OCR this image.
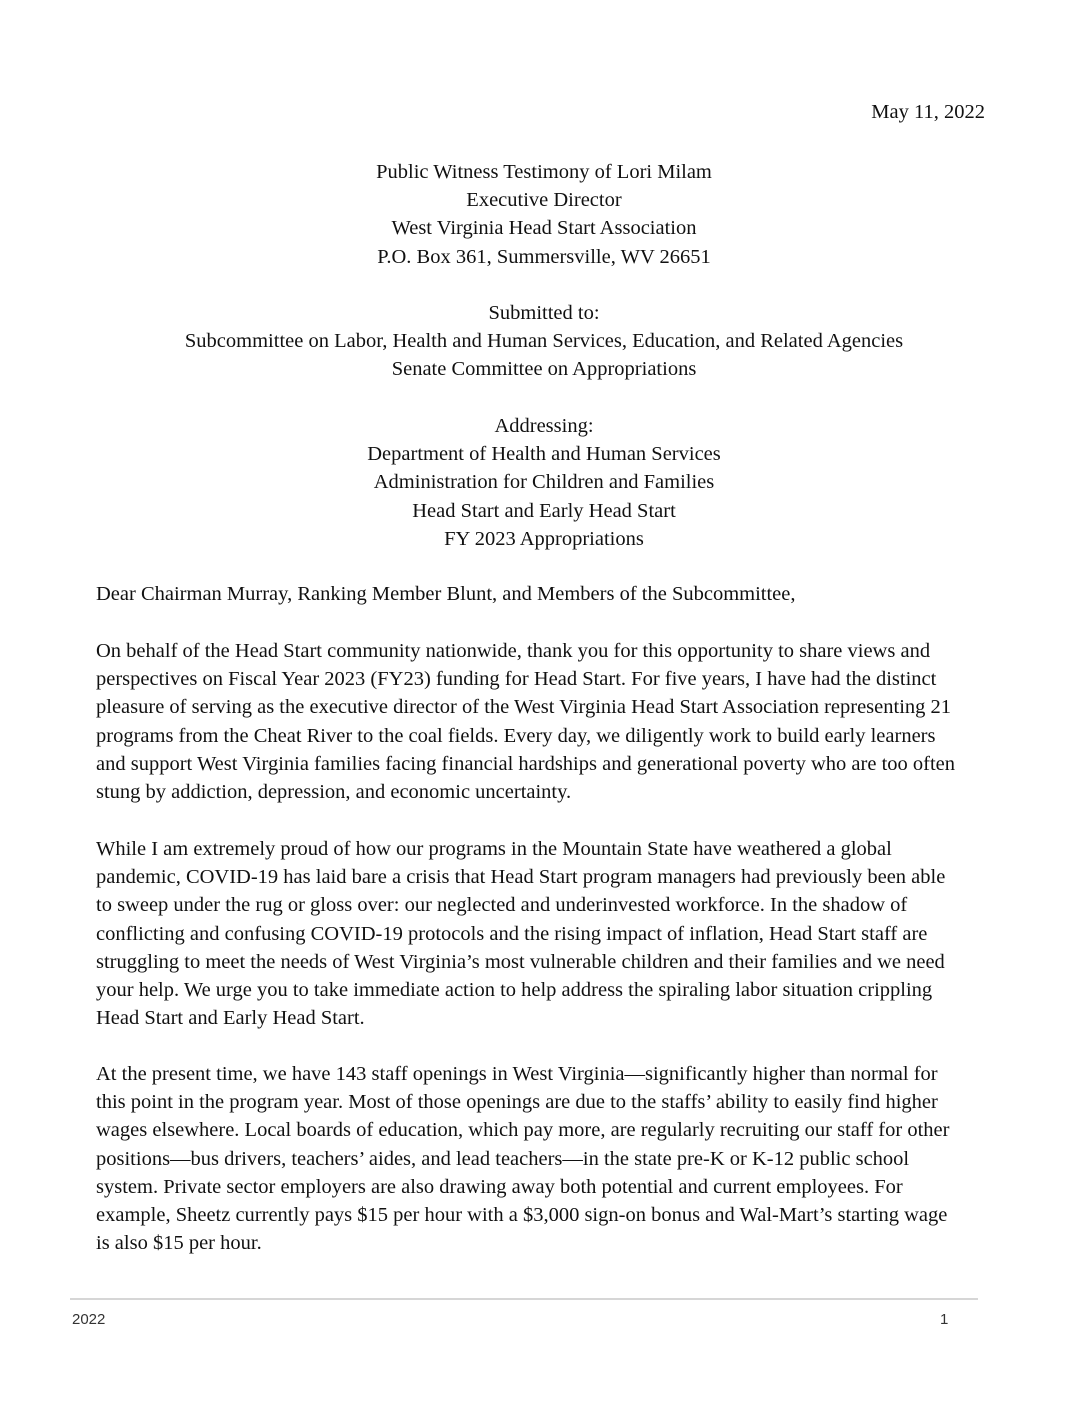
May 11, 2022
Public Witness Testimony of Lori Milam
Executive Director
West Virginia Head Start Association
P.O. Box 361, Summersville, WV 26651
Submitted to:
Subcommittee on Labor, Health and Human Services, Education, and Related Agencies
Senate Committee on Appropriations
Addressing:
Department of Health and Human Services
Administration for Children and Families
Head Start and Early Head Start
FY 2023 Appropriations
Dear Chairman Murray, Ranking Member Blunt, and Members of the Subcommittee,
On behalf of the Head Start community nationwide, thank you for this opportunity to share views and
perspectives on Fiscal Year 2023 (FY23) funding for Head Start. For five years, I have had the distinct
pleasure of serving as the executive director of the West Virginia Head Start Association representing 21
programs from the Cheat River to the coal fields. Every day, we diligently work to build early learners
and support West Virginia families facing financial hardships and generational poverty who are too often
stung by addiction, depression, and economic uncertainty.
While I am extremely proud of how our programs in the Mountain State have weathered a global
pandemic, COVID-19 has laid bare a crisis that Head Start program managers had previously been able
to sweep under the rug or gloss over: our neglected and underinvested workforce. In the shadow of
conflicting and confusing COVID-19 protocols and the rising impact of inflation, Head Start staff are
struggling to meet the needs of West Virginia’s most vulnerable children and their families and we need
your help. We urge you to take immediate action to help address the spiraling labor situation crippling
Head Start and Early Head Start.
At the present time, we have 143 staff openings in West Virginia—significantly higher than normal for
this point in the program year. Most of those openings are due to the staffs’ ability to easily find higher
wages elsewhere. Local boards of education, which pay more, are regularly recruiting our staff for other
positions—bus drivers, teachers’ aides, and lead teachers—in the state pre-K or K-12 public school
system. Private sector employers are also drawing away both potential and current employees. For
example, Sheetz currently pays $15 per hour with a $3,000 sign-on bonus and Wal-Mart’s starting wage
is also $15 per hour.
2022	1
